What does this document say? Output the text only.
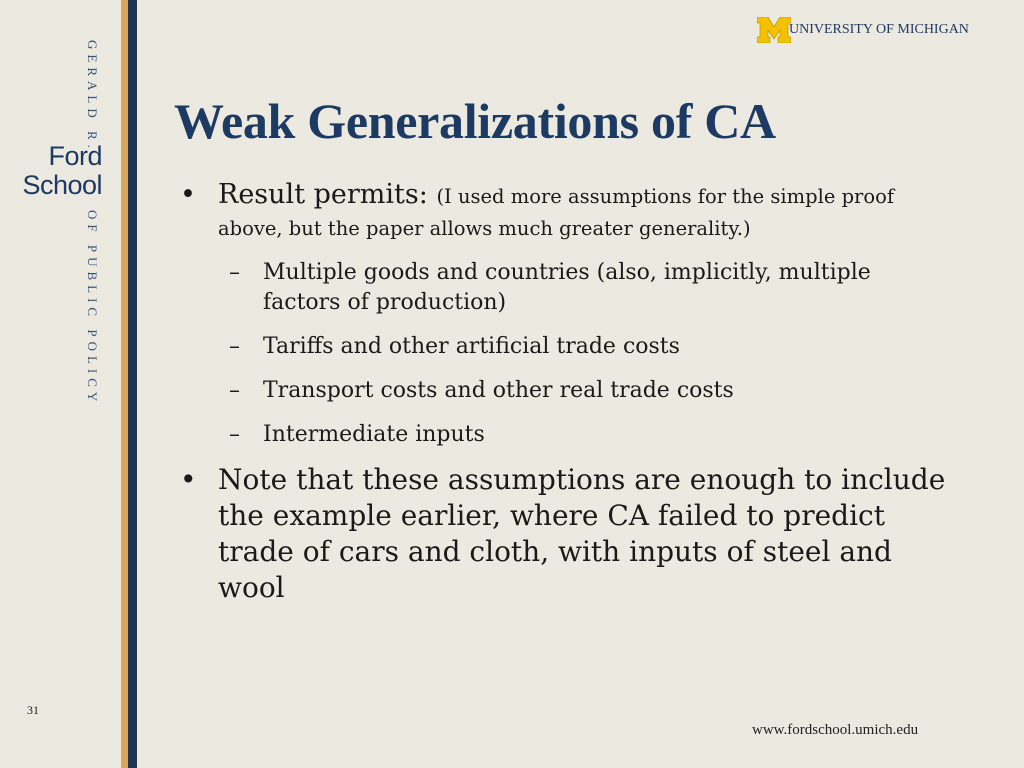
GERALD R.
Ford
School
OF PUBLIC POLICY
31
UNIVERSITY OF MICHIGAN
Weak Generalizations of CA
• Result permits: (I used more assumptions for the simple proof above, but the paper allows much greater generality.)
– Multiple goods and countries (also, implicitly, multiple factors of production)
– Tariffs and other artificial trade costs
– Transport costs and other real trade costs
– Intermediate inputs
• Note that these assumptions are enough to include the example earlier, where CA failed to predict trade of cars and cloth, with inputs of steel and wool
www.fordschool.umich.edu
